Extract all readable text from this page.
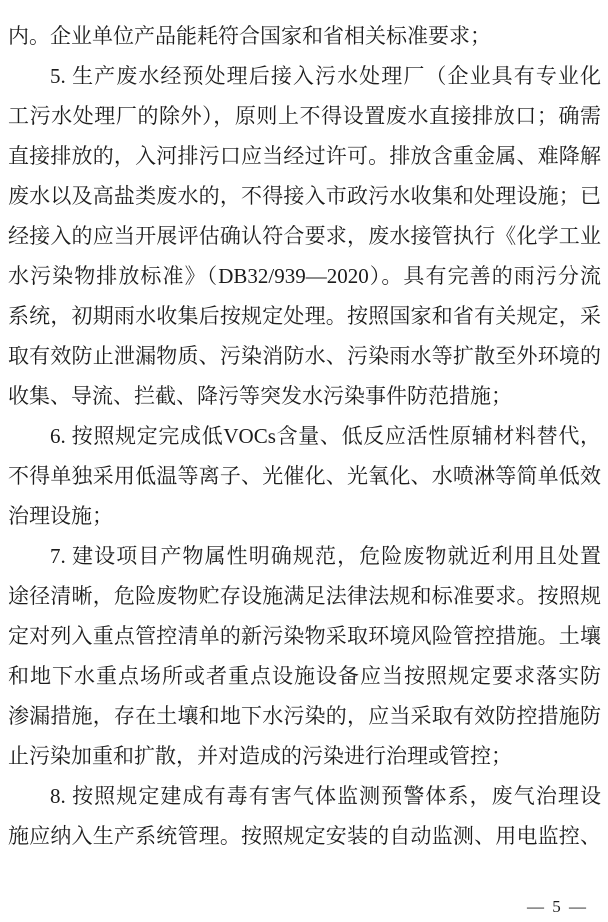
内。企业单位产品能耗符合国家和省相关标准要求；
5. 生产废水经预处理后接入污水处理厂（企业具有专业化
工污水处理厂的除外），原则上不得设置废水直接排放口；确需
直接排放的，入河排污口应当经过许可。排放含重金属、难降解
废水以及高盐类废水的，不得接入市政污水收集和处理设施；已
经接入的应当开展评估确认符合要求，废水接管执行《化学工业
水污染物排放标准》（DB32/939—2020）。具有完善的雨污分流
系统，初期雨水收集后按规定处理。按照国家和省有关规定，采
取有效防止泄漏物质、污染消防水、污染雨水等扩散至外环境的
收集、导流、拦截、降污等突发水污染事件防范措施；
6. 按照规定完成低VOCs含量、低反应活性原辅材料替代，
不得单独采用低温等离子、光催化、光氧化、水喷淋等简单低效
治理设施；
7. 建设项目产物属性明确规范，危险废物就近利用且处置
途径清晰，危险废物贮存设施满足法律法规和标准要求。按照规
定对列入重点管控清单的新污染物采取环境风险管控措施。土壤
和地下水重点场所或者重点设施设备应当按照规定要求落实防
渗漏措施，存在土壤和地下水污染的，应当采取有效防控措施防
止污染加重和扩散，并对造成的污染进行治理或管控；
8. 按照规定建成有毒有害气体监测预警体系，废气治理设
施应纳入生产系统管理。按照规定安装的自动监测、用电监控、
— 5 —
